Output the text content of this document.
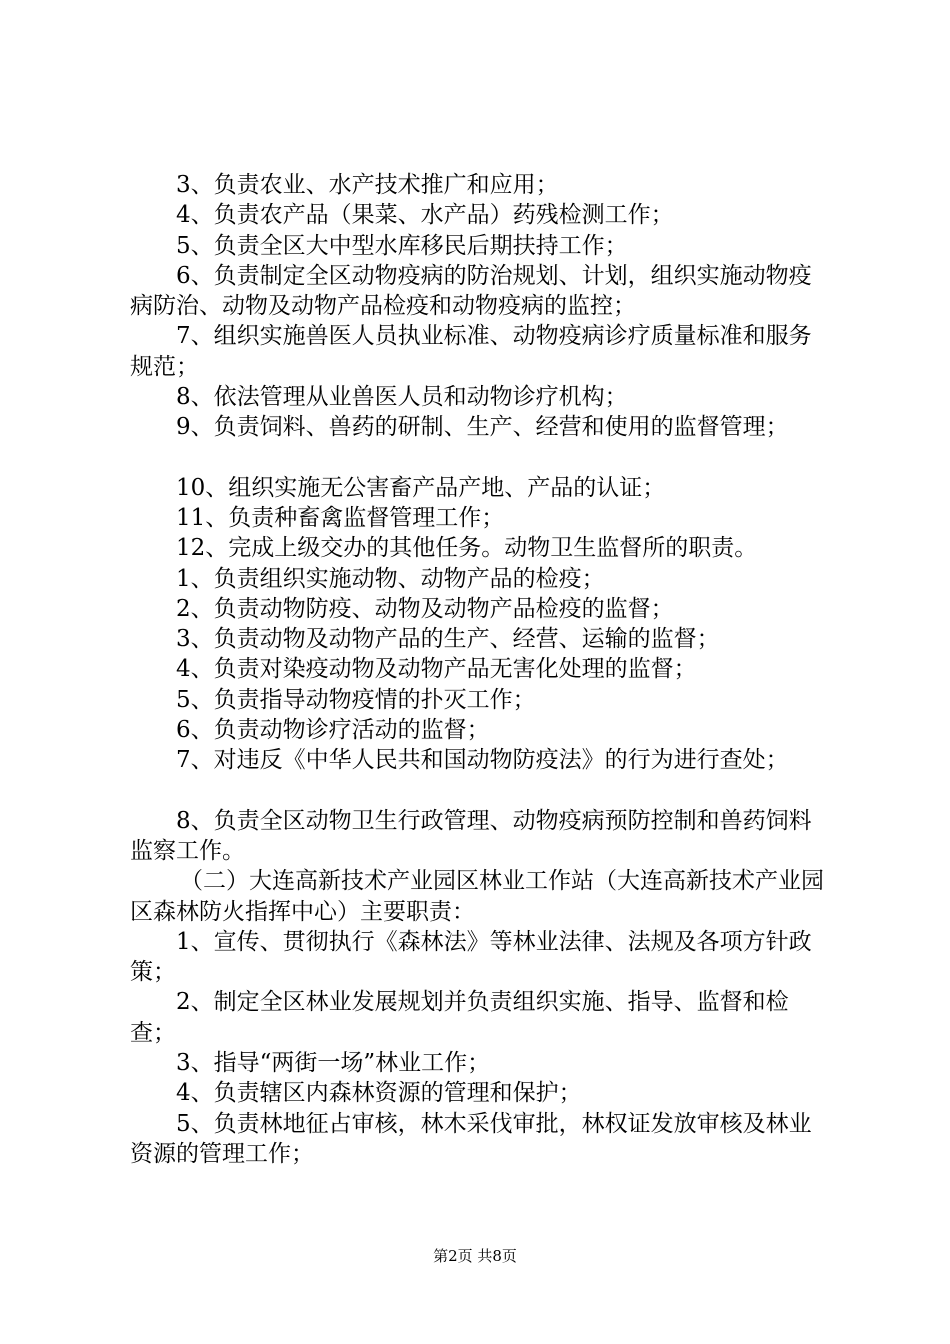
3、负责农业、水产技术推广和应用；

4、负责农产品（果菜、水产品）药残检测工作；

5、负责全区大中型水库移民后期扶持工作；

6、负责制定全区动物疫病的防治规划、计划，组织实施动物疫病防治、动物及动物产品检疫和动物疫病的监控；

7、组织实施兽医人员执业标准、动物疫病诊疗质量标准和服务规范；

8、依法管理从业兽医人员和动物诊疗机构；

9、负责饲料、兽药的研制、生产、经营和使用的监督管理；

10、组织实施无公害畜产品产地、产品的认证；

11、负责种畜禽监督管理工作；

12、完成上级交办的其他任务。动物卫生监督所的职责。

1、负责组织实施动物、动物产品的检疫；

2、负责动物防疫、动物及动物产品检疫的监督；

3、负责动物及动物产品的生产、经营、运输的监督；

4、负责对染疫动物及动物产品无害化处理的监督；

5、负责指导动物疫情的扑灭工作；

6、负责动物诊疗活动的监督；

7、对违反《中华人民共和国动物防疫法》的行为进行查处；

8、负责全区动物卫生行政管理、动物疫病预防控制和兽药饲料监察工作。

（二）大连高新技术产业园区林业工作站（大连高新技术产业园区森林防火指挥中心）主要职责：

1、宣传、贯彻执行《森林法》等林业法律、法规及各项方针政策；

2、制定全区林业发展规划并负责组织实施、指导、监督和检查；

3、指导“两街一场”林业工作；

4、负责辖区内森林资源的管理和保护；

5、负责林地征占审核，林木采伐审批，林权证发放审核及林业资源的管理工作；

第2页 共8页
